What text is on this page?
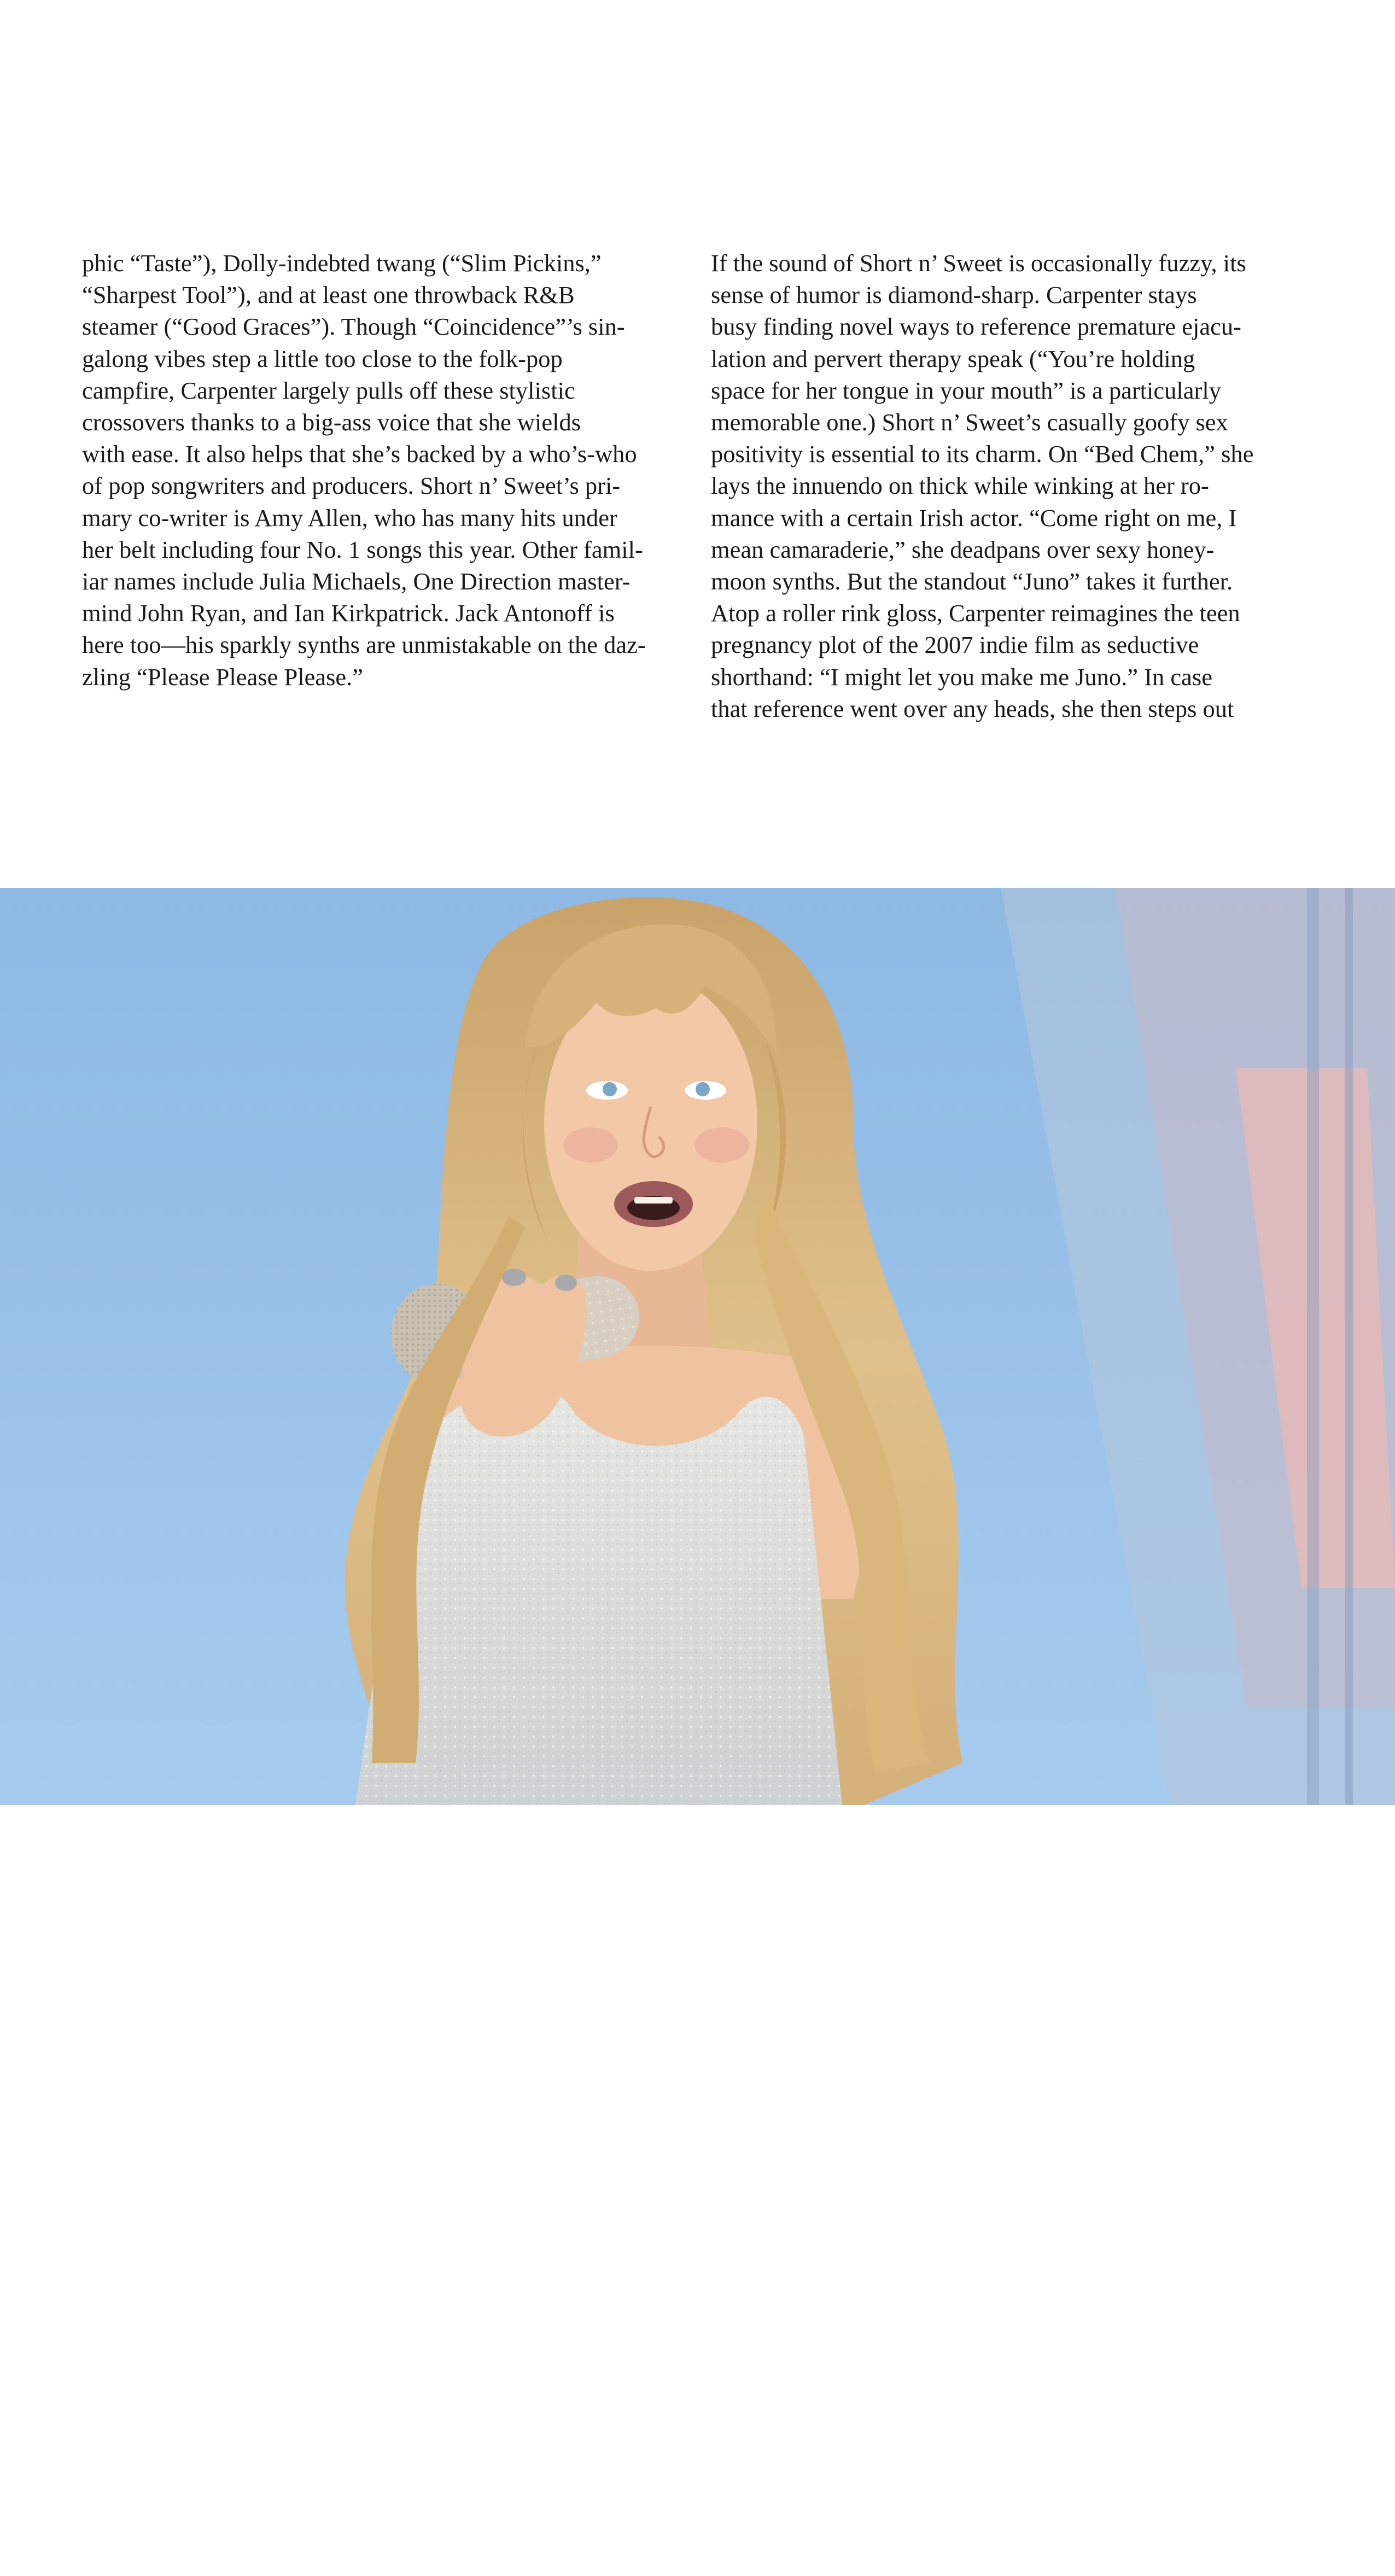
phic “Taste”), Dolly-indebted twang (“Slim Pickins,”
“Sharpest Tool”), and at least one throwback R&B
steamer (“Good Graces”). Though “Coincidence”’s sin-
galong vibes step a little too close to the folk-pop
campfire, Carpenter largely pulls off these stylistic
crossovers thanks to a big-ass voice that she wields
with ease. It also helps that she’s backed by a who’s-who
of pop songwriters and producers. Short n’ Sweet’s pri-
mary co-writer is Amy Allen, who has many hits under
her belt including four No. 1 songs this year. Other famil-
iar names include Julia Michaels, One Direction master-
mind John Ryan, and Ian Kirkpatrick. Jack Antonoff is
here too—his sparkly synths are unmistakable on the daz-
zling “Please Please Please.”
If the sound of Short n’ Sweet is occasionally fuzzy, its
sense of humor is diamond-sharp. Carpenter stays
busy finding novel ways to reference premature ejacu-
lation and pervert therapy speak (“You’re holding
space for her tongue in your mouth” is a particularly
memorable one.) Short n’ Sweet’s casually goofy sex
positivity is essential to its charm. On “Bed Chem,” she
lays the innuendo on thick while winking at her ro-
mance with a certain Irish actor. “Come right on me, I
mean camaraderie,” she deadpans over sexy honey-
moon synths. But the standout “Juno” takes it further.
Atop a roller rink gloss, Carpenter reimagines the teen
pregnancy plot of the 2007 indie film as seductive
shorthand: “I might let you make me Juno.” In case
that reference went over any heads, she then steps out
7
